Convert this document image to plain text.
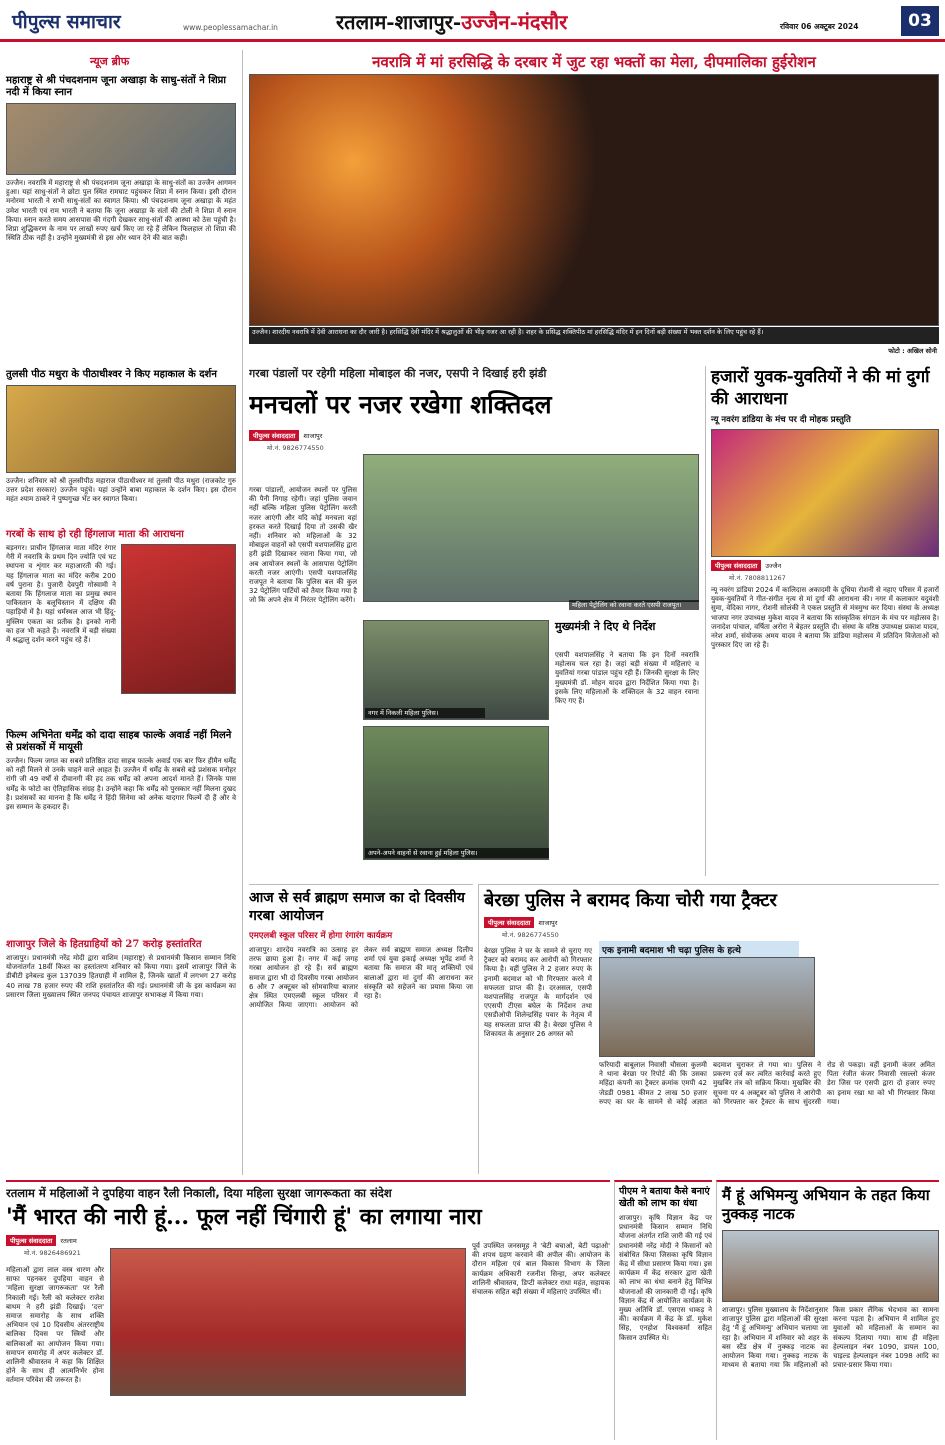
पीपुल्स समाचार	www.peoplessamachar.in	रतलाम-शाजापुर-उज्जैन-मंदसौर	रविवार 06 अक्टूबर 2024	03
न्यूज ब्रीफ
महाराष्ट्र से श्री पंचदशनाम जूना अखाड़ा के साधु-संतों ने शिप्रा नदी में किया स्नान
उज्जैन। नवरात्रि में महाराष्ट्र से श्री पंचदशनाम जूना अखाड़ा के साधु-संतों का उज्जैन आगमन हुआ। यहां साधु-संतों ने छोटा पुल स्थित रामघाट पहुंचकर शिप्रा में स्नान किया। इसी दौरान मनोरमा भारती ने सभी साधु-संतों का स्वागत किया। श्री पंचदशनाम जूना अखाड़ा के महंत उमेश भारती एवं राम भारती ने बताया कि जूना अखाड़ा के संतों की टोली ने शिप्रा में स्नान किया। स्नान करते समय आसपास की गंदगी देखकर साधु-संतों की आस्था को ठेस पहुंची है। शिप्रा शुद्धिकरण के नाम पर लाखों रुपए खर्च किए जा रहे हैं लेकिन फिलहाल तो शिप्रा की स्थिति ठीक नहीं है। उन्होंने मुख्यमंत्री से इस ओर ध्यान देने की बात कही।
तुलसी पीठ मथुरा के पीठाधीश्वर ने किए महाकाल के दर्शन
उज्जैन। शनिवार को श्री तुलसीपीठ महाराज पीठाधीश्वर मां तुलसी पीठ मथुरा (राजकोट गुरु उत्तर प्रदेश सरकार) उज्जैन पहुंचे। यहां उन्होंने बाबा महाकाल के दर्शन किए। इस दौरान महंत श्याम ठाकरे ने पुष्पगुच्छ भेंट कर स्वागत किया।
गरबों के साथ हो रही हिंगलाज माता की आराधना
बड़नगर। प्राचीन हिंगलाज माता मंदिर रंगार गेरी में नवरात्रि के प्रथम दिन ज्योति एवं घट स्थापना व शृंगार कर महाआरती की गई। यह हिंगलाज माता का मंदिर करीब 200 वर्ष पुराना है। पुजारी देवपुरी गोस्वामी ने बताया कि हिंगलाज माता का प्रमुख स्थान पाकिस्तान के बलूचिस्तान में दक्षिण की पहाड़ियों में है। यहां धर्मस्थल आज भी हिंदू-मुस्लिम एकता का प्रतीक है। इनको नानी का हज भी कहते हैं। नवरात्रि में बड़ी संख्या में श्रद्धालु दर्शन करने पहुंच रहे हैं।
फिल्म अभिनेता धर्मेंद्र को दादा साहब फाल्के अवार्ड नहीं मिलने से प्रशंसकों में मायूसी
उज्जैन। फिल्म जगत का सबसे प्रतिष्ठित दादा साहब फाल्के अवार्ड एक बार फिर हीमैन धर्मेंद्र को नहीं मिलने से उनके चाहने वाले आहत हैं। उज्जैन में धर्मेंद्र के सबसे बड़े प्रशंसक मनोहर रांगी जी 49 वर्षों से दीवानगी की हद तक धर्मेंद्र को अपना आदर्श मानते हैं। जिनके पास धर्मेंद्र के फोटो का ऐतिहासिक संग्रह है। उन्होंने कहा कि धर्मेंद्र को पुरस्कार नहीं मिलना दुखद है। प्रशंसकों का मानना है कि धर्मेंद्र ने हिंदी सिनेमा को अनेक यादगार फिल्में दी हैं और वे इस सम्मान के हकदार हैं।
शाजापुर जिले के हितग्राहियों को 27 करोड़ हस्तांतरित
शाजापुर। प्रधानमंत्री नरेंद्र मोदी द्वारा वाशिम (महाराष्ट्र) से प्रधानमंत्री किसान सम्मान निधि योजनांतर्गत 18वीं किश्त का हस्तांतरण शनिवार को किया गया। इसमें शाजापुर जिले के डीबीटी इनेबल्ड कुल 137039 हितग्राही में शामिल हैं, जिनके खातों में लगभग 27 करोड़ 40 लाख 78 हजार रुपए की राशि हस्तांतरित की गई। प्रधानमंत्री जी के इस कार्यक्रम का प्रसारण जिला मुख्यालय स्थित जनपद पंचायत शाजापुर सभाकक्ष में किया गया।
नवरात्रि में मां हरसिद्धि के दरबार में जुट रहा भक्तों का मेला, दीपमालिका हुईरोशन
उज्जैन। शारदीय नवरात्रि में देवी आराधना का दौर जारी है। हरसिद्धि देवी मंदिर में श्रद्धालुओं की भीड़ नजर आ रही है। शहर के प्रसिद्ध शक्तिपीठ मां हरसिद्धि मंदिर में इन दिनों बड़ी संख्या में भक्त दर्शन के लिए पहुंच रहे हैं।
फोटो : अखिल सोनी
गरबा पंडालों पर रहेगी महिला मोबाइल की नजर, एसपी ने दिखाई हरी झंडी
मनचलों पर नजर रखेगा शक्तिदल
पीपुल्स संवाददाता	शाजापुर
मो.नं. 9826774550
गरबा पांडालों, आयोजन स्थलों पर पुलिस की पैनी निगाह रहेगी। जहां पुलिस जवान नहीं बल्कि महिला पुलिस पेट्रोलिंग करती नजर आएंगी और यदि कोई मनचला वहां हरकत करते दिखाई दिया तो उसकी खैर नहीं। शनिवार को महिलाओं के 32 मोबाइल वाहनों को एसपी यशपालसिंह द्वारा हरी झंडी दिखाकर रवाना किया गया, जो अब आयोजन स्थलों के आसपास पेट्रोलिंग करती नजर आएंगी। एसपी यशपालसिंह राजपूत ने बताया कि पुलिस बल की कुल 32 पेट्रोलिंग पार्टियों को तैयार किया गया है जो कि अपने क्षेत्र में निरंतर पेट्रोलिंग करेंगे।
महिला पेट्रोलिंग को रवाना करते एसपी राजपूत।
नगर में निकली महिला पुलिस।
अपने-अपने वाहनों से रवाना हुई महिला पुलिस।
मुख्यमंत्री ने दिए थे निर्देश
एसपी यशपालसिंह ने बताया कि इन दिनों नवरात्रि महोत्सव चल रहा है। जहां बड़ी संख्या में महिलाएं व युवतियां गरबा पांडाल पहुंच रही हैं। जिनकी सुरक्षा के लिए मुख्यमंत्री डॉ. मोहन यादव द्वारा निर्देशित किया गया है। इसके लिए महिलाओं के शक्तिदल के 32 वाहन रवाना किए गए हैं।
हजारों युवक-युवतियों ने की मां दुर्गा की आराधना
न्यू नवरंग डांडिया के मंच पर दी मोहक प्रस्तुति
पीपुल्स संवाददाता	उज्जैन
मो.नं. 7808811267
न्यू नवरंग डांडिया 2024 में कालिदास अकादमी के दूधिया रोशनी से नहाए परिसर में हजारों युवक-युवतियों ने गीत-संगीत नृत्य से मां दुर्गा की आराधना की। नगर में कलाकार यदुवंशी सुमा, वेदिका नागर, रोशनी सोलंकी ने एकल प्रस्तुति से मंत्रमुग्ध कर दिया। संस्था के अध्यक्ष भाजपा नगर उपाध्यक्ष मुकेश यादव ने बताया कि सांस्कृतिक संगठन के मंच पर महोत्सव है। जनादेश पांचाल, वर्षिता अरोरा ने बेहतर प्रस्तुति दी। संस्था के वरिष्ठ उपाध्यक्ष प्रकाश यादव, नरेश शर्मा, संयोजक अमय यादव ने बताया कि डांडिया महोत्सव में प्रतिदिन विजेताओं को पुरस्कार दिए जा रहे हैं।
आज से सर्व ब्राह्मण समाज का दो दिवसीय गरबा आयोजन
एमएलबी स्कूल परिसर में होगा रंगारंग कार्यक्रम
शाजापुर। शारदेय नवरात्रि का उत्साह हर तरफ छाया हुआ है। नगर में कई जगह गरबा आयोजन हो रहे हैं। सर्व ब्राह्मण समाज द्वारा भी दो दिवसीय गरबा आयोजन 6 और 7 अक्टूबर को सोमवारिया बाजार क्षेत्र स्थित एमएलबी स्कूल परिसर में आयोजित किया जाएगा। आयोजन को लेकर सर्व ब्राह्मण समाज अध्यक्ष दिलीप शर्मा एवं युवा इकाई अध्यक्ष भूपेंद्र शर्मा ने बताया कि समाज की मातृ शक्तियों एवं बालाओं द्वारा मां दुर्गा की आराधना कर संस्कृति को सहेजने का प्रयास किया जा रहा है।
बेरछा पुलिस ने बरामद किया चोरी गया ट्रैक्टर
पीपुल्स संवाददाता	शाजापुर
मो.नं. 9826774550
बेरछा पुलिस ने घर के सामने से चुराए गए ट्रैक्टर को बरामद कर आरोपी को गिरफ्तार किया है। वहीं पुलिस ने 2 हजार रुपए के इनामी बदमाश को भी गिरफ्तार करने में सफलता प्राप्त की है। दरअसल, एसपी यशपालसिंह राजपूत के मार्गदर्शन एवं एएसपी टीएस बघेल के निर्देशन तथा एसडीओपी शिलेन्द्रसिंह पवार के नेतृत्व में यह सफलता प्राप्त की है। बेरछा पुलिस ने शिकायत के अनुसार 26 अगस्त को
एक इनामी बदमाश भी चढ़ा पुलिस के हत्थे
फरियादी बाबूलाल निवासी चौसला कुलमी ने थाना बेरछा पर रिपोर्ट की कि उसका महिंद्रा कंपनी का ट्रैक्टर क्रमांक एमपी 42 जेडडी 0981 कीमत 2 लाख 50 हजार रुपए का घर के सामने से कोई अज्ञात बदमाश चुराकर ले गया था। पुलिस ने प्रकरण दर्ज कर त्वरित कार्रवाई करते हुए मुखबिर तंत्र को सक्रिय किया। मुखबिर की सूचना पर 4 अक्टूबर को पुलिस ने आरोपी को गिरफ्तार कर ट्रैक्टर के साथ सुंदरसी रोड से पकड़ा। वहीं इनामी कंजर अमित पिता रंजीत कंजर निवासी रसल्लो कंजर डेरा जिस पर एसपी द्वारा दो हजार रुपए का इनाम रखा था को भी गिरफ्तार किया गया।
रतलाम में महिलाओं ने दुपहिया वाहन रैली निकाली, दिया महिला सुरक्षा जागरूकता का संदेश
'मैं भारत की नारी हूं... फूल नहीं चिंगारी हूं' का लगाया नारा
पीपुल्स संवाददाता	रतलाम
मो.नं. 9826486921
महिलाओं द्वारा लाल वस्त्र धारण और साफा पहनकर दुपहिया वाहन से 'महिला सुरक्षा जागरूकता' पर रैली निकाली गई। रैली को कलेक्टर राजेश बाथम ने हरी झंडी दिखाई। 'दत्त' समाज समारोह के साथ शक्ति अभियान एवं 10 दिवसीय अंतरराष्ट्रीय बालिका दिवस पर स्त्रियों और बालिकाओं का आयोजन किया गया। समापन समारोह में अपर कलेक्टर डॉ. शालिनी श्रीवास्तव ने कहा कि शिक्षित होने के साथ ही आत्मनिर्भर होना वर्तमान परिवेश की जरूरत है।
पूर्व उपस्थित जनसमूह ने 'बेटी बचाओ, बेटी पढ़ाओ' की शपथ ग्रहण करवाने की अपील की। आयोजन के दौरान महिला एवं बाल विकास विभाग के जिला कार्यक्रम अधिकारी रजनीश सिन्हा, अपर कलेक्टर शालिनी श्रीवास्तव, डिप्टी कलेक्टर राधा महंत, सहायक संचालक सहित बड़ी संख्या में महिलाएं उपस्थित थीं।
पीएम ने बताया कैसे बनाएं खेती को लाभ का धंधा
शाजापुर। कृषि विज्ञान केंद्र पर प्रधानमंत्री किसान सम्मान निधि योजना अंतर्गत राशि जारी की गई एवं प्रधानमंत्री नरेंद्र मोदी ने किसानों को संबोधित किया जिसका कृषि विज्ञान केंद्र में सीधा प्रसारण किया गया। इस कार्यक्रम में केंद्र सरकार द्वारा खेती को लाभ का धंधा बनाने हेतु विभिन्न योजनाओं की जानकारी दी गई। कृषि विज्ञान केंद्र में आयोजित कार्यक्रम के मुख्य अतिथि डॉ. एसएस धाकड़ ने की। कार्यक्रम में केंद्र के डॉ. मुकेश सिंह, एनहोश विश्वकर्मा सहित किसान उपस्थित थे।
मैं हूं अभिमन्यु अभियान के तहत किया नुक्कड़ नाटक
शाजापुर। पुलिस मुख्यालय के निर्देशानुसार शाजापुर पुलिस द्वारा महिलाओं की सुरक्षा हेतु 'मैं हूं अभिमन्यु' अभियान चलाया जा रहा है। अभियान में शनिवार को शहर के बस स्टैंड क्षेत्र में नुक्कड़ नाटक का आयोजन किया गया। नुक्कड़ नाटक के माध्यम से बताया गया कि महिलाओं को किस प्रकार लैंगिक भेदभाव का सामना करना पड़ता है। अभियान में शामिल हुए युवाओं को महिलाओं के सम्मान का संकल्प दिलाया गया। साथ ही महिला हेल्पलाइन नंबर 1090, डायल 100, चाइल्ड हेल्पलाइन नंबर 1098 आदि का प्रचार-प्रसार किया गया।
